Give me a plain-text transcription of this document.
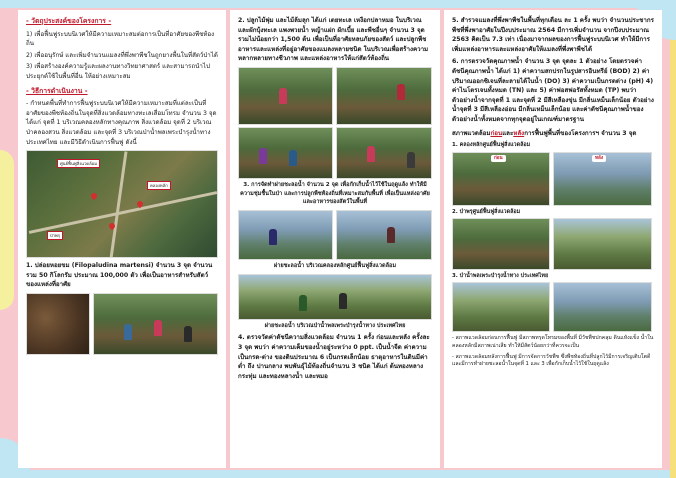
- วัตถุประสงค์ของโครงการ -
1) เพื่อฟื้นฟูระบบนิเวศให้มีความเหมาะสมต่อการเป็นที่อาศัยของพืชท้องถิ่น
2) เพื่ออนุรักษ์ และเพิ่มจำนวนแมลงที่พึ่งพาพืชในถูกยางพื้นในที่สัตว์ป่าได้
3) เพื่อสร้างองค์ความรู้และผลงานทางวิทยาศาสตร์ และสามารถนำไปประยุกต์ใช้ในพื้นที่อื่น ให้อย่างเหมาะสม
- วิธีการดำเนินงาน -
- กำหนดพื้นที่ทำการฟื้นฟูระบบนิเวศให้มีความเหมาะสมที่แต่ละเป็นที่อาศัยของพืชท้องถิ่นในจุดที่สิ่งแวดล้อมทางทะเลเสื่อมโทรม จำนวน 3 จุด ได้แก่ จุดที่ 1 บริเวณคลองหลักทางคุณภาพ สิ่งแวดล้อม จุดที่ 2 บริเวณป่าคลองสวน สิ่งแวดล้อม และจุดที่ 3 บริเวณป่าน้ำพลเพระบำรุงน้ำทาง ประเทศไทย และมีวิธีดำเนินการฟื้นฟู ดังนี้
ศูนย์ฟื้นฟูสิ่งแวดล้อม
คลองหลัก
ป่าพรุ
1. ปล่อยหอยขม (Filopaludina martensi) จำนวน 3 จุด จำนวนรวม 50 กิโลกรัม ประมาณ 100,000 ตัว เพื่อเป็นอาหารสำหรับสัตว์ของแหล่งที่อาศัย
2. ปลูกไม้พุ่ม และไม้ล้มลุก ได้แก่ เตยทะเล เหงือกปลาหมอ ในบริเวณ และผักบุ้งทะเล แพงพวยน้ำ หญ้าแฝก ผักเบี้ย และพืชอื่นๆ จำนวน 3 จุด รวมไม่น้อยกว่า 1,500 ต้น เพื่อเป็นที่อาศัยหลบภัยของสัตว์ และปลูกพืชอาหารและแหล่งที่อยู่อาศัยของแมลงหลายชนิด ในบริเวณเพื่อสร้างความหลากหลายทางชีวภาพ และแหล่งอาหารให้แก่สัตว์ท้องถิ่น
3. การจัดทำฝายชะลอน้ำ จำนวน 2 จุด เพื่อกักเก็บน้ำไว้ใช้ในฤดูแล้ง ทำให้มีความชุ่มชื้นในป่า และการปลูกพืชท้องถิ่นที่เหมาะสมกับพื้นที่ เพื่อเป็นแหล่งอาศัยและอาหารของสัตว์ในพื้นที่
ฝายชะลอน้ำ บริเวณคลองหลักศูนย์ฟื้นฟูสิ่งแวดล้อม
ฝายชะลอน้ำ บริเวณป่าน้ำพลเพระบำรุงน้ำทาง ประเทศไทย
4. ตรวจวัดค่าดัชนีความสิ่งแวดล้อม จำนวน 1 ครั้ง ก่อนและหลัง ครั้งละ 3 จุด พบว่า ค่าความเค็มของน้ำอยู่ระหว่าง 0 ppt. เป็นน้ำจืด ค่าความเป็นกรด-ด่าง ของดินประมาณ 6 เป็นกรดเล็กน้อย ธาตุอาหารในดินมีค่าต่ำ ถึง ปานกลาง พบพันธุ์ไม้ท้องถิ่นจำนวน 3 ชนิด ได้แก่ ต้นทองหลาง กระทุ่ม และทองหลางน้ำ และหมอ
5. สำรวจแมลงที่พึ่งพาพืชในพื้นที่ทุกเดือน ละ 1 ครั้ง พบว่า จำนวนประชากรพืชที่พึ่งพาอาศัยในปีงบประมาณ 2564 มีการเพิ่มจำนวน จากปีงบประมาณ 2563 คิดเป็น 7.3 เท่า เนื่องมาจากผลของการฟื้นฟูระบบนิเวศ ทำให้มีการเพิ่มแหล่งอาหารและแหล่งอาศัยให้แมลงที่พึ่งพาพืชได้
6. การตรวจวัดคุณภาพน้ำ จำนวน 3 จุด จุดละ 1 ตัวอย่าง โดยตรวจค่าดัชนีคุณภาพน้ำ ได้แก่ 1) ค่าความสกปรกในรูปสารอินทรีย์ (BOD) 2) ค่าปริมาณออกซิเจนที่ละลายได้ในน้ำ (DO) 3) ค่าความเป็นกรดด่าง (pH) 4) ค่าไนโตรเจนทั้งหมด (TN) และ 5) ค่าฟอสฟอรัสทั้งหมด (TP) พบว่า ตัวอย่างน้ำจากจุดที่ 1 และจุดที่ 2 มีสีเหลืองขุ่น มีกลิ่นเหม็นเล็กน้อย ตัวอย่างน้ำจุดที่ 3 มีสีเหลืองอ่อน มีกลิ่นเหม็นเล็กน้อย และค่าดัชนีคุณภาพน้ำของตัวอย่างน้ำทั้งหมดจากทุกจุดอยู่ในเกณฑ์มาตรฐาน
สภาพแวดล้อมก่อนและหลังการฟื้นฟูพื้นที่ของโครงการฯ จำนวน 3 จุด
1. คลองหลักศูนย์ฟื้นฟูสิ่งแวดล้อม
ก่อน	หลัง
2. ป่าพรุศูนย์ฟื้นฟูสิ่งแวดล้อม
3. ป่าน้ำพลเพระบำรุงน้ำทาง ประเทศไทย
- สภาพแวดล้อมก่อนการฟื้นฟู มีสภาพทรุดโทรมของพื้นที่ มีวัชพืชปกคลุม ดินแห้งแข็ง น้ำในคลองหลักมีสภาพเน่าเสีย ทำให้มีสัตว์น้อยกว่าที่ควรจะเป็น
- สภาพแวดล้อมหลังการฟื้นฟู มีการจัดการวัชพืช ซึ่งพืชท้องถิ่นที่ปลูกไว้มีการเจริญเติบโตดี และมีการทำฝายชะลอน้ำในจุดที่ 1 และ 3 เพื่อกักเก็บน้ำไว้ใช้ในฤดูแล้ง
